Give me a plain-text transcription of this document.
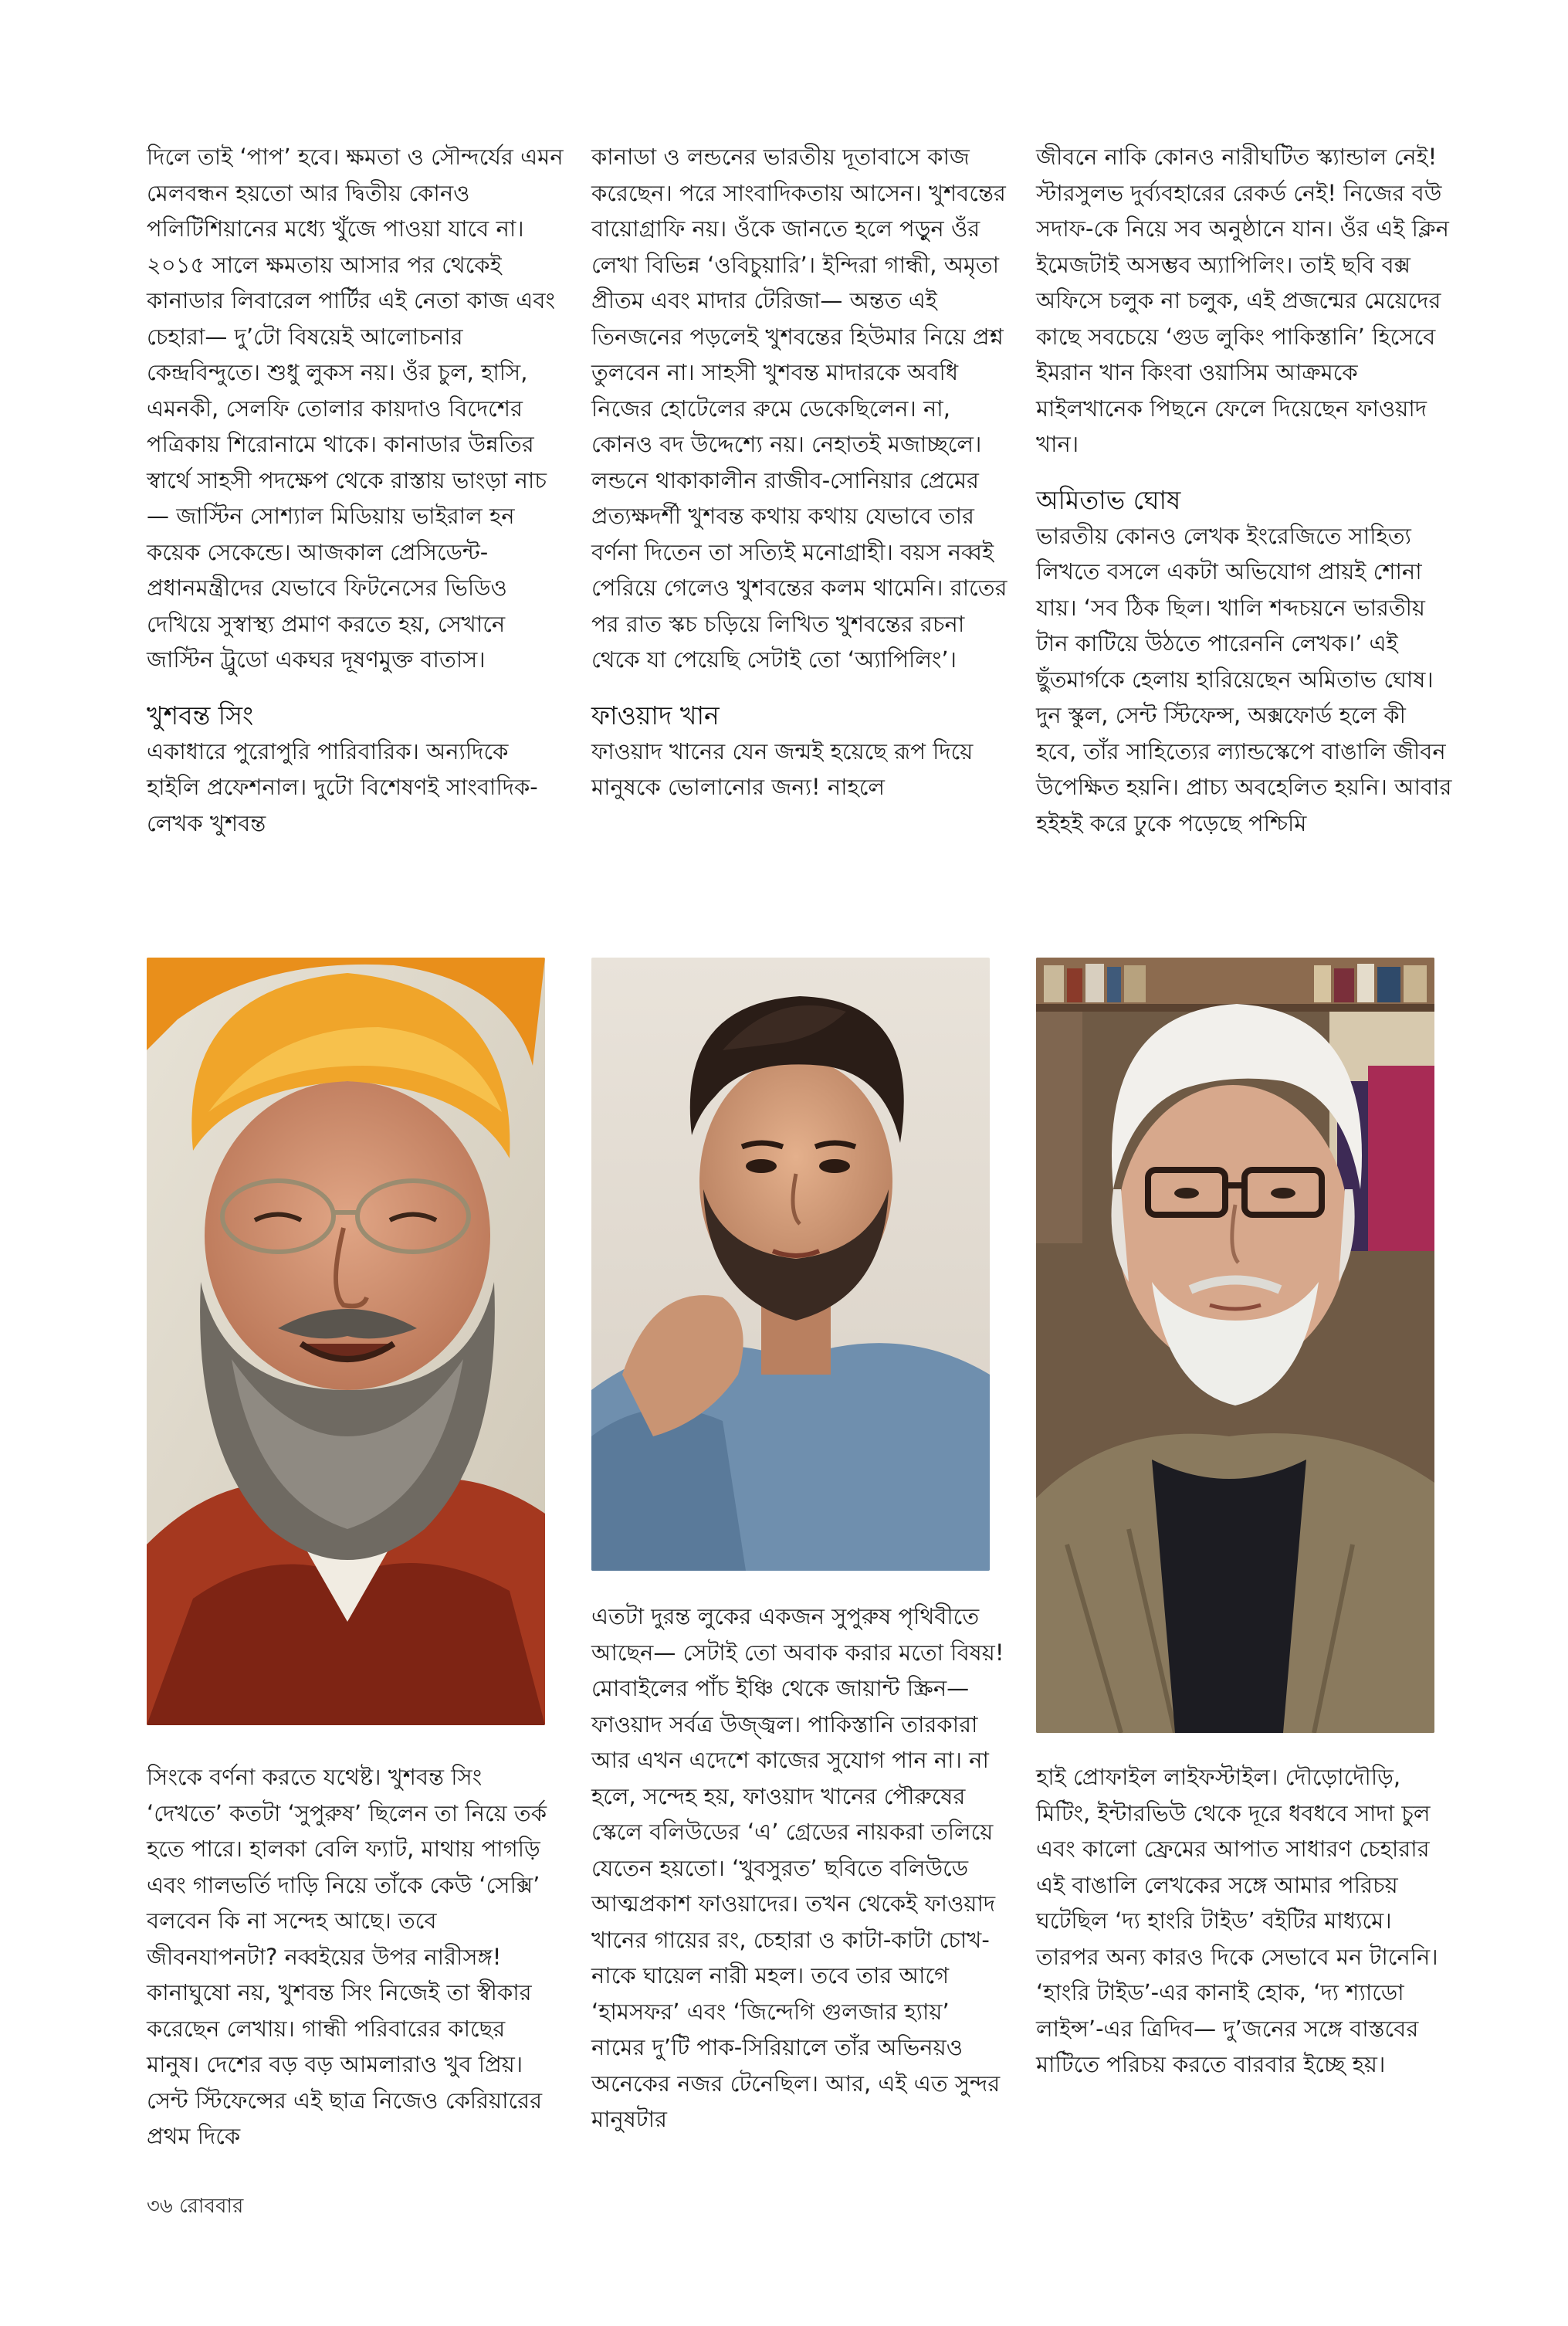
দিলে তাই ‘পাপ’ হবে। ক্ষমতা ও সৌন্দর্যের এমন মেলবন্ধন হয়তো আর দ্বিতীয় কোনও পলিটিশিয়ানের মধ্যে খুঁজে পাওয়া যাবে না। ২০১৫ সালে ক্ষমতায় আসার পর থেকেই কানাডার লিবারেল পার্টির এই নেতা কাজ এবং চেহারা— দু’টো বিষয়েই আলোচনার কেন্দ্রবিন্দুতে। শুধু লুকস নয়। ওঁর চুল, হাসি, এমনকী, সেলফি তোলার কায়দাও বিদেশের পত্রিকায় শিরোনামে থাকে। কানাডার উন্নতির স্বার্থে সাহসী পদক্ষেপ থেকে রাস্তায় ভাংড়া নাচ— জাস্টিন সোশ্যাল মিডিয়ায় ভাইরাল হন কয়েক সেকেন্ডে। আজকাল প্রেসিডেন্ট-প্রধানমন্ত্রীদের যেভাবে ফিটনেসের ভিডিও দেখিয়ে সুস্বাস্থ্য প্রমাণ করতে হয়, সেখানে জাস্টিন ট্রুডো একঘর দূষণমুক্ত বাতাস।

খুশবন্ত সিং

একাধারে পুরোপুরি পারিবারিক। অন্যদিকে হাইলি প্রফেশনাল। দুটো বিশেষণই সাংবাদিক-লেখক খুশবন্ত

কানাডা ও লন্ডনের ভারতীয় দূতাবাসে কাজ করেছেন। পরে সাংবাদিকতায় আসেন। খুশবন্তের বায়োগ্রাফি নয়। ওঁকে জানতে হলে পড়ুন ওঁর লেখা বিভিন্ন ‘ওবিচুয়ারি’। ইন্দিরা গান্ধী, অমৃতা প্রীতম এবং মাদার টেরিজা— অন্তত এই তিনজনের পড়লেই খুশবন্তের হিউমার নিয়ে প্রশ্ন তুলবেন না। সাহসী খুশবন্ত মাদারকে অবধি নিজের হোটেলের রুমে ডেকেছিলেন। না, কোনও বদ উদ্দেশ্যে নয়। নেহাতই মজাচ্ছলে। লন্ডনে থাকাকালীন রাজীব-সোনিয়ার প্রেমের প্রত্যক্ষদর্শী খুশবন্ত কথায় কথায় যেভাবে তার বর্ণনা দিতেন তা সত্যিই মনোগ্রাহী। বয়স নব্বই পেরিয়ে গেলেও খুশবন্তের কলম থামেনি। রাতের পর রাত স্কচ চড়িয়ে লিখিত খুশবন্তের রচনা থেকে যা পেয়েছি সেটাই তো ‘অ্যাপিলিং’।

ফাওয়াদ খান

ফাওয়াদ খানের যেন জন্মই হয়েছে রূপ দিয়ে মানুষকে ভোলানোর জন্য! নাহলে

জীবনে নাকি কোনও নারীঘটিত স্ক্যান্ডাল নেই! স্টারসুলভ দুর্ব্যবহারের রেকর্ড নেই! নিজের বউ সদাফ-কে নিয়ে সব অনুষ্ঠানে যান। ওঁর এই ক্লিন ইমেজটাই অসম্ভব অ্যাপিলিং। তাই ছবি বক্স অফিসে চলুক না চলুক, এই প্রজন্মের মেয়েদের কাছে সবচেয়ে ‘গুড লুকিং পাকিস্তানি’ হিসেবে ইমরান খান কিংবা ওয়াসিম আক্রমকে মাইলখানেক পিছনে ফেলে দিয়েছেন ফাওয়াদ খান।

অমিতাভ ঘোষ

ভারতীয় কোনও লেখক ইংরেজিতে সাহিত্য লিখতে বসলে একটা অভিযোগ প্রায়ই শোনা যায়। ‘সব ঠিক ছিল। খালি শব্দচয়নে ভারতীয় টান কাটিয়ে উঠতে পারেননি লেখক।’ এই ছুঁতমার্গকে হেলায় হারিয়েছেন অমিতাভ ঘোষ। দুন স্কুল, সেন্ট স্টিফেন্স, অক্সফোর্ড হলে কী হবে, তাঁর সাহিত্যের ল্যান্ডস্কেপে বাঙালি জীবন উপেক্ষিত হয়নি। প্রাচ্য অবহেলিত হয়নি। আবার হইহই করে ঢুকে পড়েছে পশ্চিমি

সিংকে বর্ণনা করতে যথেষ্ট। খুশবন্ত সিং ‘দেখতে’ কতটা ‘সুপুরুষ’ ছিলেন তা নিয়ে তর্ক হতে পারে। হালকা বেলি ফ্যাট, মাথায় পাগড়ি এবং গালভর্তি দাড়ি নিয়ে তাঁকে কেউ ‘সেক্সি’ বলবেন কি না সন্দেহ আছে। তবে জীবনযাপনটা? নব্বইয়ের উপর নারীসঙ্গ! কানাঘুষো নয়, খুশবন্ত সিং নিজেই তা স্বীকার করেছেন লেখায়। গান্ধী পরিবারের কাছের মানুষ। দেশের বড় বড় আমলারাও খুব প্রিয়। সেন্ট স্টিফেন্সের এই ছাত্র নিজেও কেরিয়ারের প্রথম দিকে

এতটা দুরন্ত লুকের একজন সুপুরুষ পৃথিবীতে আছেন— সেটাই তো অবাক করার মতো বিষয়! মোবাইলের পাঁচ ইঞ্চি থেকে জায়ান্ট স্ক্রিন— ফাওয়াদ সর্বত্র উজ্জ্বল। পাকিস্তানি তারকারা আর এখন এদেশে কাজের সুযোগ পান না। না হলে, সন্দেহ হয়, ফাওয়াদ খানের পৌরুষের স্কেলে বলিউডের ‘এ’ গ্রেডের নায়করা তলিয়ে যেতেন হয়তো। ‘খুবসুরত’ ছবিতে বলিউডে আত্মপ্রকাশ ফাওয়াদের। তখন থেকেই ফাওয়াদ খানের গায়ের রং, চেহারা ও কাটা-কাটা চোখ-নাকে ঘায়েল নারী মহল। তবে তার আগে ‘হামসফর’ এবং ‘জিন্দেগি গুলজার হ্যায়’ নামের দু’টি পাক-সিরিয়ালে তাঁর অভিনয়ও অনেকের নজর টেনেছিল। আর, এই এত সুন্দর মানুষটার

হাই প্রোফাইল লাইফস্টাইল। দৌড়োদৌড়ি, মিটিং, ইন্টারভিউ থেকে দূরে ধবধবে সাদা চুল এবং কালো ফ্রেমের আপাত সাধারণ চেহারার এই বাঙালি লেখকের সঙ্গে আমার পরিচয় ঘটেছিল ‘দ্য হাংরি টাইড’ বইটির মাধ্যমে। তারপর অন্য কারও দিকে সেভাবে মন টানেনি। ‘হাংরি টাইড’-এর কানাই হোক, ‘দ্য শ্যাডো লাইন্স’-এর ত্রিদিব— দু’জনের সঙ্গে বাস্তবের মাটিতে পরিচয় করতে বারবার ইচ্ছে হয়।

৩৬ রোববার
